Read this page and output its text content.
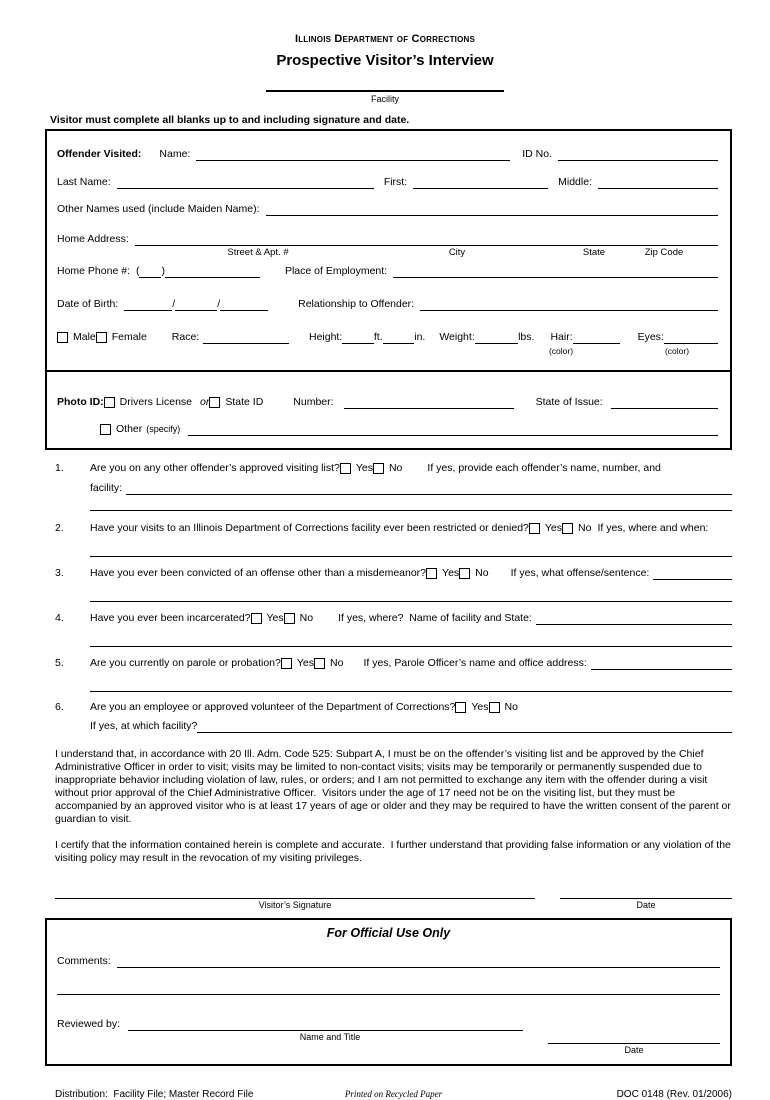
Illinois Department of Corrections
Prospective Visitor’s Interview
Facility
Visitor must complete all blanks up to and including signature and date.
Offender Visited: Name:	ID No.
Last Name:	First:	Middle:
Other Names used (include Maiden Name):
Home Address:
Street & Apt. #	City	State	Zip Code
Home Phone #: ( )	Place of Employment:
Date of Birth:	/	/	Relationship to Offender:
Male Female Race:	Height:	ft.	in. Weight:	lbs. Hair:	Eyes:
(color)	(color)
Photo ID: Drivers License or State ID	Number:	State of Issue:
Other (specify)
1.	Are you on any other offender’s approved visiting list? Yes No If yes, provide each offender’s name, number, and
facility:
2.	Have your visits to an Illinois Department of Corrections facility ever been restricted or denied? Yes No If yes, where and when:
3.	Have you ever been convicted of an offense other than a misdemeanor? Yes No If yes, what offense/sentence:
4.	Have you ever been incarcerated? Yes No If yes, where?  Name of facility and State:
5.	Are you currently on parole or probation? Yes No If yes, Parole Officer’s name and office address:
6.	Are you an employee or approved volunteer of the Department of Corrections? Yes No
If yes, at which facility?

I understand that, in accordance with 20 Ill. Adm. Code 525: Subpart A, I must be on the offender’s visiting list and be approved by the Chief Administrative Officer in order to visit; visits may be limited to non-contact visits; visits may be temporarily or permanently suspended due to inappropriate behavior including violation of law, rules, or orders; and I am not permitted to exchange any item with the offender during a visit without prior approval of the Chief Administrative Officer.  Visitors under the age of 17 need not be on the visiting list, but they must be accompanied by an approved visitor who is at least 17 years of age or older and they may be required to have the written consent of the parent or guardian to visit.

I certify that the information contained herein is complete and accurate.  I further understand that providing false information or any violation of the visiting policy may result in the revocation of my visiting privileges.

Visitor’s Signature	Date
For Official Use Only
Comments:
Reviewed by:
Name and Title
Date
Distribution:  Facility File; Master Record File	Printed on Recycled Paper	DOC 0148 (Rev. 01/2006)
